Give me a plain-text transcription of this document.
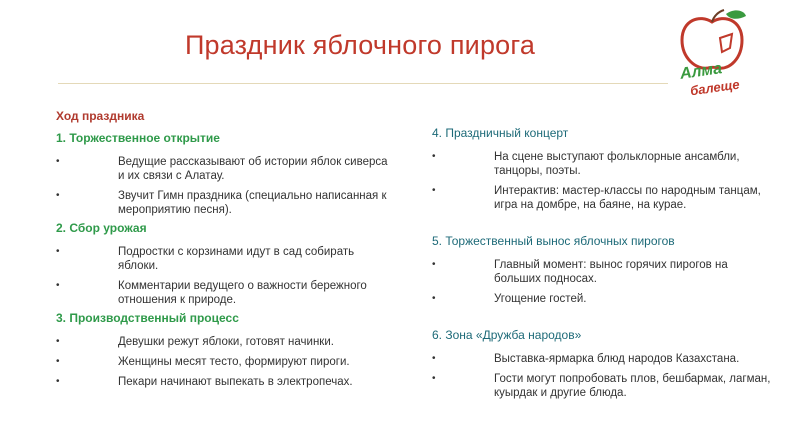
Праздник яблочного пирога
Алма
балеще
Ход праздника
1. Торжественное открытие
•	Ведущие рассказывают об истории яблок сиверса и их связи с Алатау.
•	Звучит Гимн праздника (специально написанная к мероприятию песня).
2. Сбор урожая
•	Подростки с корзинами идут в сад собирать яблоки.
•	Комментарии ведущего о важности бережного отношения к природе.
3. Производственный процесс
•	Девушки режут яблоки, готовят начинки.
•	Женщины месят тесто, формируют пироги.
•	Пекари начинают выпекать в электропечах.
4. Праздничный концерт
•	На сцене выступают фольклорные ансамбли, танцоры, поэты.
•	Интерактив: мастер-классы по народным танцам, игра на домбре, на баяне, на курае.
5. Торжественный вынос яблочных пирогов
•	Главный момент: вынос горячих пирогов на больших подносах.
•	Угощение гостей.
6. Зона «Дружба народов»
•	Выставка-ярмарка блюд народов Казахстана.
•	Гости могут попробовать плов, бешбармак, лагман, куырдак и другие блюда.
